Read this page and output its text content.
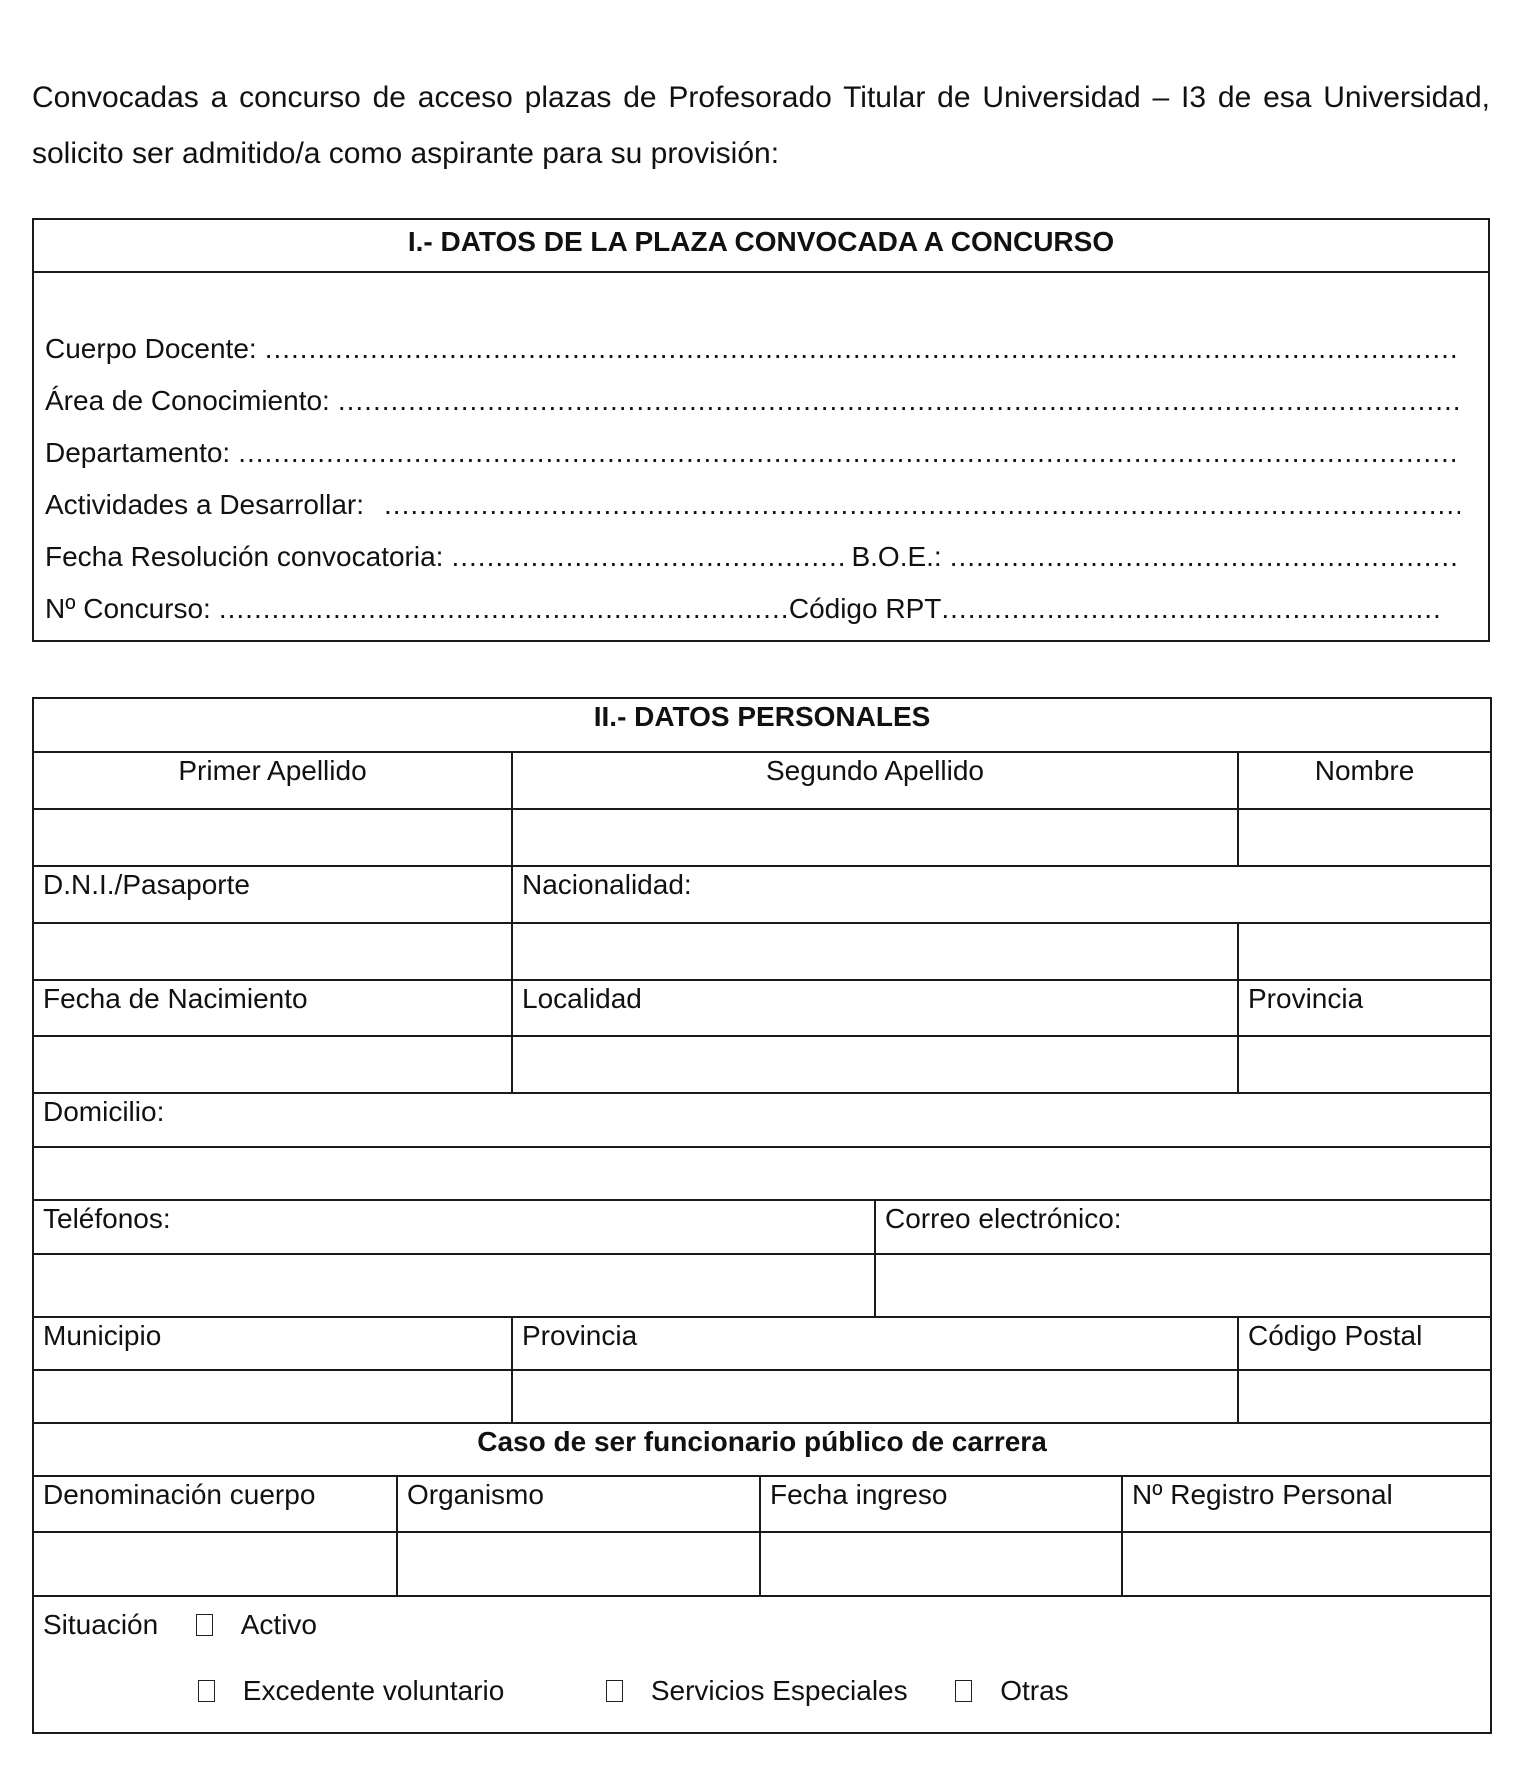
Convocadas a concurso de acceso plazas de Profesorado Titular de Universidad – I3 de esa Universidad, solicito ser admitido/a como aspirante para su provisión:

I.- DATOS DE LA PLAZA CONVOCADA A CONCURSO
Cuerpo Docente:
.....
Área de Conocimiento:
.....
Departamento:
.....
Actividades a Desarrollar:
.....
Fecha Resolución convocatoria: .....	B.O.E.:
.....
Nº Concurso: .....	Código RPT
.....
II.- DATOS PERSONALES			
Primer Apellido	Segundo Apellido		Nombre

D.N.I./Pasaporte	Nacionalidad:		

Fecha de Nacimiento	Localidad		Provincia

Domicilio:			

Teléfonos:		Correo electrónico:	

Municipio	Provincia		Código Postal

Caso de ser funcionario público de carrera			
Denominación cuerpo	Organismo	Fecha ingreso	Nº Registro Personal

Situación Activo
Excedente voluntario Servicios Especiales Otras			
